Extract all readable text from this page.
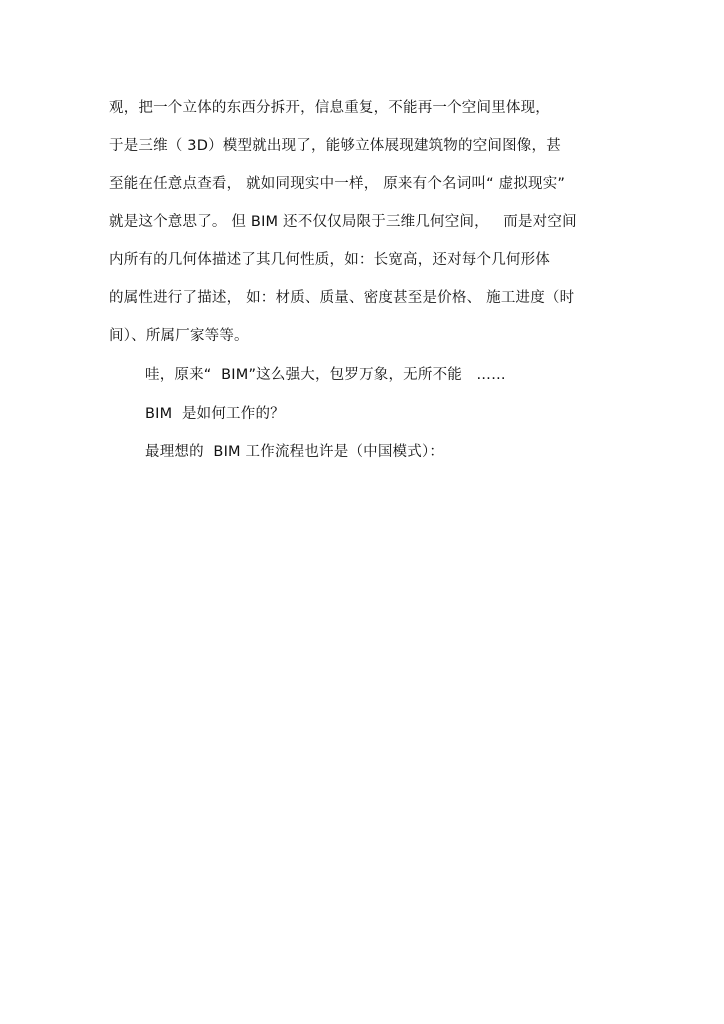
观，把一个立体的东西分拆开，信息重复，不能再一个空间里体现，
于是三维（ 3D）模型就出现了，能够立体展现建筑物的空间图像，甚
至能在任意点查看， 就如同现实中一样， 原来有个名词叫“ 虚拟现实”
就是这个意思了。 但 BIM 还不仅仅局限于三维几何空间，   而是对空间
内所有的几何体描述了其几何性质，如：长宽高，还对每个几何形体
的属性进行了描述， 如：材质、质量、密度甚至是价格、 施工进度（时
间）、所属厂家等等。
哇，原来“  BIM”这么强大，包罗万象，无所不能   ……
BIM  是如何工作的？
最理想的  BIM 工作流程也许是（中国模式）：
